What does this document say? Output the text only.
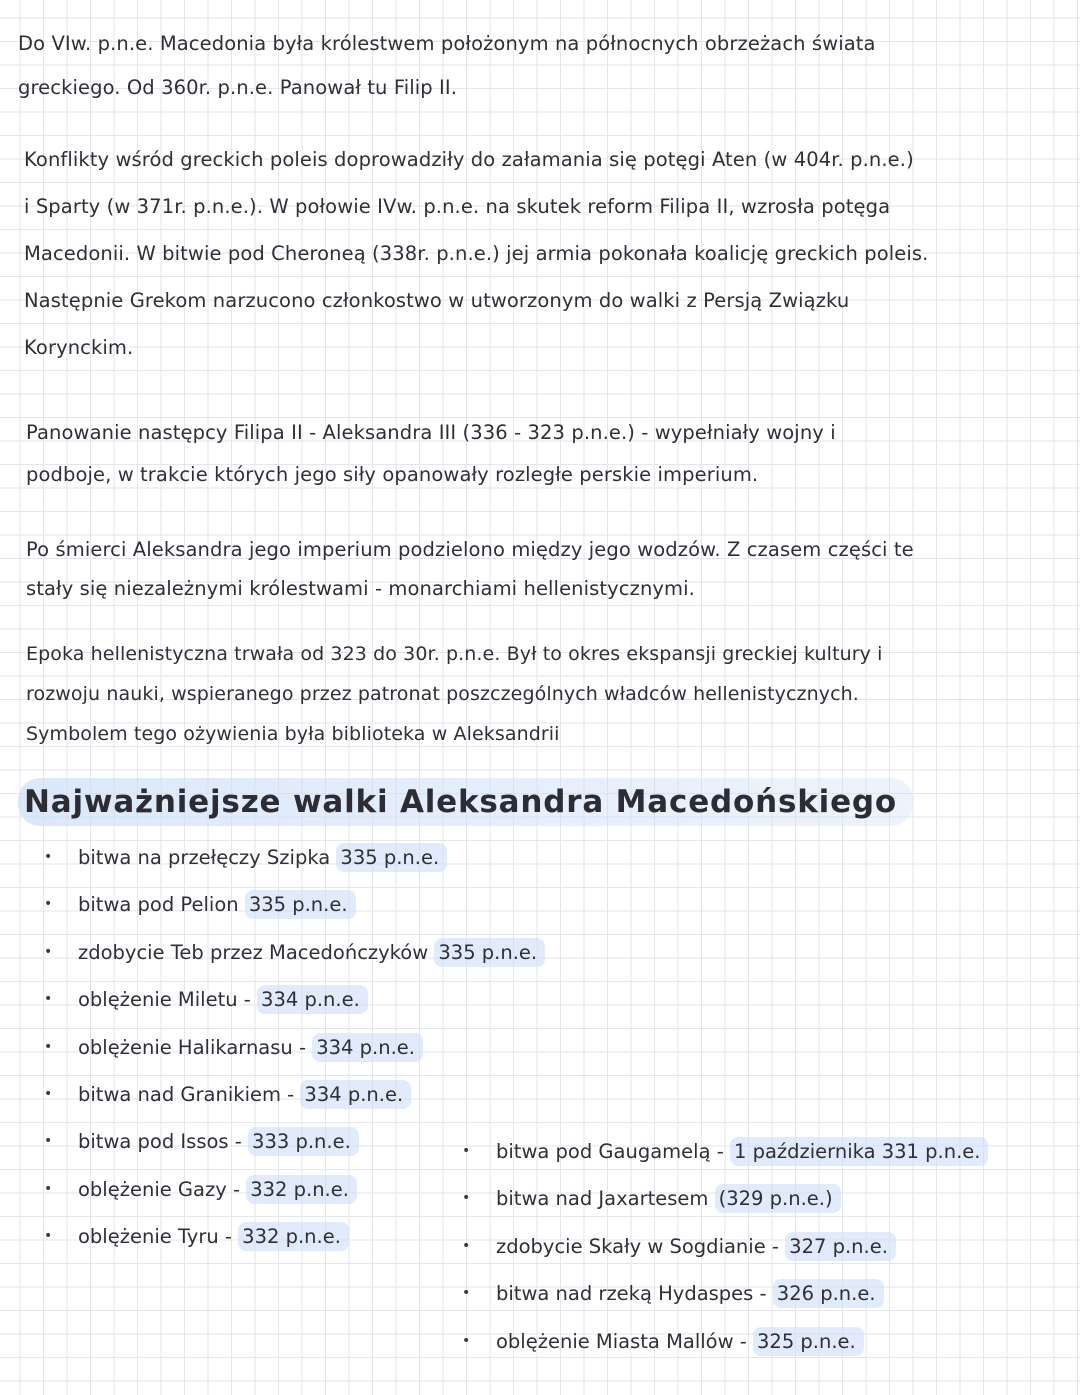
Do VIw. p.n.e. Macedonia była królestwem położonym na północnych obrzeżach świata
greckiego. Od 360r. p.n.e. Panował tu Filip II.
Konflikty wśród greckich poleis doprowadziły do załamania się potęgi Aten (w 404r. p.n.e.)
i Sparty (w 371r. p.n.e.). W połowie IVw. p.n.e. na skutek reform Filipa II, wzrosła potęga
Macedonii. W bitwie pod Cheroneą (338r. p.n.e.) jej armia pokonała koalicję greckich poleis.
Następnie Grekom narzucono członkostwo w utworzonym do walki z Persją Związku
Korynckim.
Panowanie następcy Filipa II - Aleksandra III (336 - 323 p.n.e.) - wypełniały wojny i
podboje, w trakcie których jego siły opanowały rozległe perskie imperium.
Po śmierci Aleksandra jego imperium podzielono między jego wodzów. Z czasem części te
stały się niezależnymi królestwami - monarchiami hellenistycznymi.
Epoka hellenistyczna trwała od 323 do 30r. p.n.e. Był to okres ekspansji greckiej kultury i
rozwoju nauki, wspieranego przez patronat poszczególnych władców hellenistycznych.
Symbolem tego ożywienia była biblioteka w Aleksandrii
Najważniejsze walki Aleksandra Macedońskiego
• bitwa na przełęczy Szipka 335 p.n.e.
• bitwa pod Pelion 335 p.n.e.
• zdobycie Teb przez Macedończyków 335 p.n.e.
• oblężenie Miletu - 334 p.n.e.
• oblężenie Halikarnasu - 334 p.n.e.
• bitwa nad Granikiem - 334 p.n.e.
• bitwa pod Issos - 333 p.n.e.
• oblężenie Gazy - 332 p.n.e.
• oblężenie Tyru - 332 p.n.e.
• bitwa pod Gaugamelą - 1 października 331 p.n.e.
• bitwa nad Jaxartesem (329 p.n.e.)
• zdobycie Skały w Sogdianie - 327 p.n.e.
• bitwa nad rzeką Hydaspes - 326 p.n.e.
• oblężenie Miasta Mallów - 325 p.n.e.
